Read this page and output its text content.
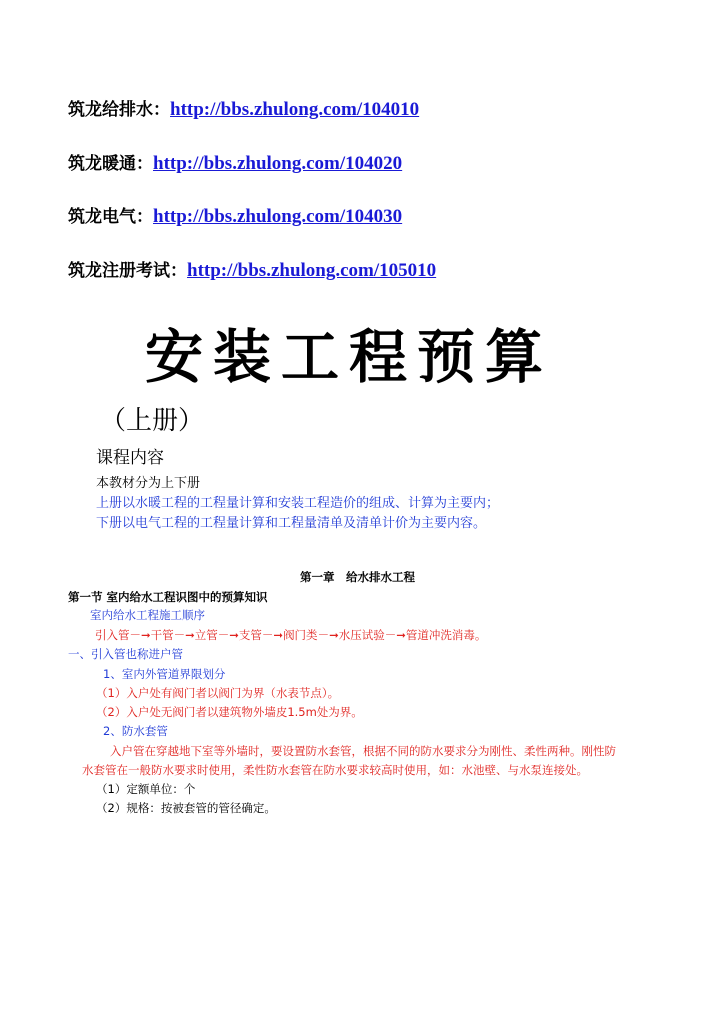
筑龙给排水：http://bbs.zhulong.com/104010
筑龙暖通：http://bbs.zhulong.com/104020
筑龙电气：http://bbs.zhulong.com/104030
筑龙注册考试：http://bbs.zhulong.com/105010
安装工程预算
（上册）
课程内容
本教材分为上下册
上册以水暖工程的工程量计算和安装工程造价的组成、计算为主要内；
下册以电气工程的工程量计算和工程量清单及清单计价为主要内容。
第一章　给水排水工程
第一节 室内给水工程识图中的预算知识
室内给水工程施工顺序
引入管－➞干管－➞立管－➞支管－➞阀门类－➞水压试验－➞管道冲洗消毒。
一、引入管也称进户管
1、室内外管道界限划分
（1）入户处有阀门者以阀门为界（水表节点）。
（2）入户处无阀门者以建筑物外墙皮1.5m处为界。
2、防水套管
入户管在穿越地下室等外墙时，要设置防水套管，根据不同的防水要求分为刚性、柔性两种。刚性防
水套管在一般防水要求时使用，柔性防水套管在防水要求较高时使用，如：水池壁、与水泵连接处。
（1）定额单位：个
（2）规格：按被套管的管径确定。
